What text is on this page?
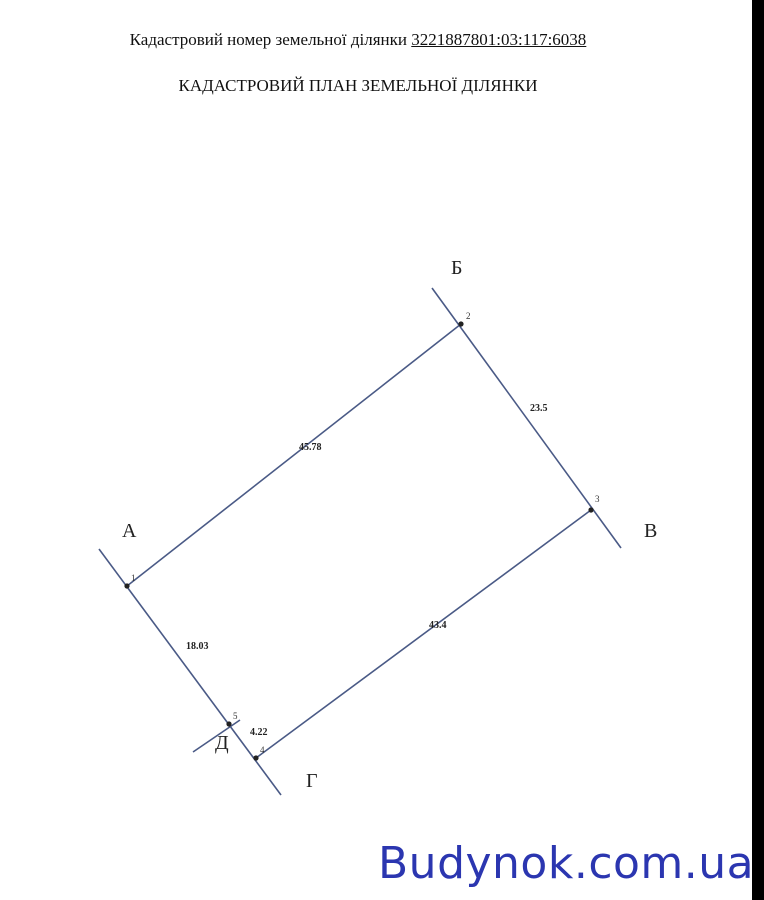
Кадастровий номер земельної ділянки 3221887801:03:117:6038
КАДАСТРОВИЙ ПЛАН ЗЕМЕЛЬНОЇ ДІЛЯНКИ
1
2
3
4
5
45.78
23.5
43.4
4.22
18.03
А
Б
В
Г
Д
Budynok.com.ua
